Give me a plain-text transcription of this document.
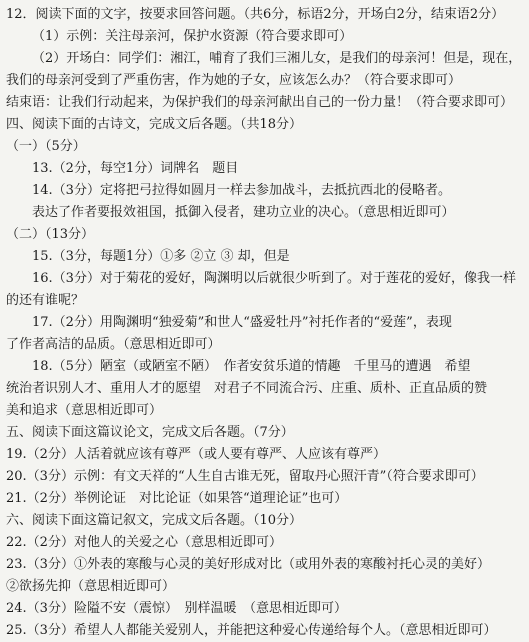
12．阅读下面的文字，按要求回答问题。（共6分，标语2分，开场白2分，结束语2分）
（1）示例：关注母亲河，保护水资源（符合要求即可）
（2）开场白：同学们：湘江，哺育了我们三湘儿女，是我们的母亲河！但是，现在，
我们的母亲河受到了严重伤害，作为她的子女，应该怎么办？（符合要求即可）
结束语：让我们行动起来，为保护我们的母亲河献出自己的一份力量！（符合要求即可）
四、阅读下面的古诗文，完成文后各题。（共18分）
（一）（5分）
13.（2分，每空1分）词牌名　题目
14.（3分）定将把弓拉得如圆月一样去参加战斗，去抵抗西北的侵略者。
表达了作者要报效祖国，抵御入侵者，建功立业的决心。（意思相近即可）
（二）（13分）
15.（3分，每题1分）①多 ②立 ③ 却，但是
16.（3分）对于菊花的爱好，陶渊明以后就很少听到了。对于莲花的爱好，像我一样
的还有谁呢？
17.（2分）用陶渊明“独爱菊”和世人“盛爱牡丹”衬托作者的“爱莲”，表现
了作者高洁的品质。（意思相近即可）
18.（5分）陋室（或陋室不陋）　作者安贫乐道的情趣　千里马的遭遇　希望
统治者识别人才、重用人才的愿望　对君子不同流合污、庄重、质朴、正直品质的赞
美和追求（意思相近即可）
五、阅读下面这篇议论文，完成文后各题。（7分）
19.（2分）人活着就应该有尊严（或人要有尊严、人应该有尊严）
20.（3分）示例：有文天祥的“人生自古谁无死，留取丹心照汗青”（符合要求即可）
21.（2分）举例论证　对比论证（如果答“道理论证”也可）
六、阅读下面这篇记叙文，完成文后各题。（10分）
22.（2分）对他人的关爱之心（意思相近即可）
23.（3分）①外表的寒酸与心灵的美好形成对比（或用外表的寒酸衬托心灵的美好）
②欲扬先抑（意思相近即可）
24.（3分）险隘不安（震惊）　别样温暖　（意思相近即可）
25.（3分）希望人人都能关爱别人，并能把这种爱心传递给每个人。（意思相近即可）
